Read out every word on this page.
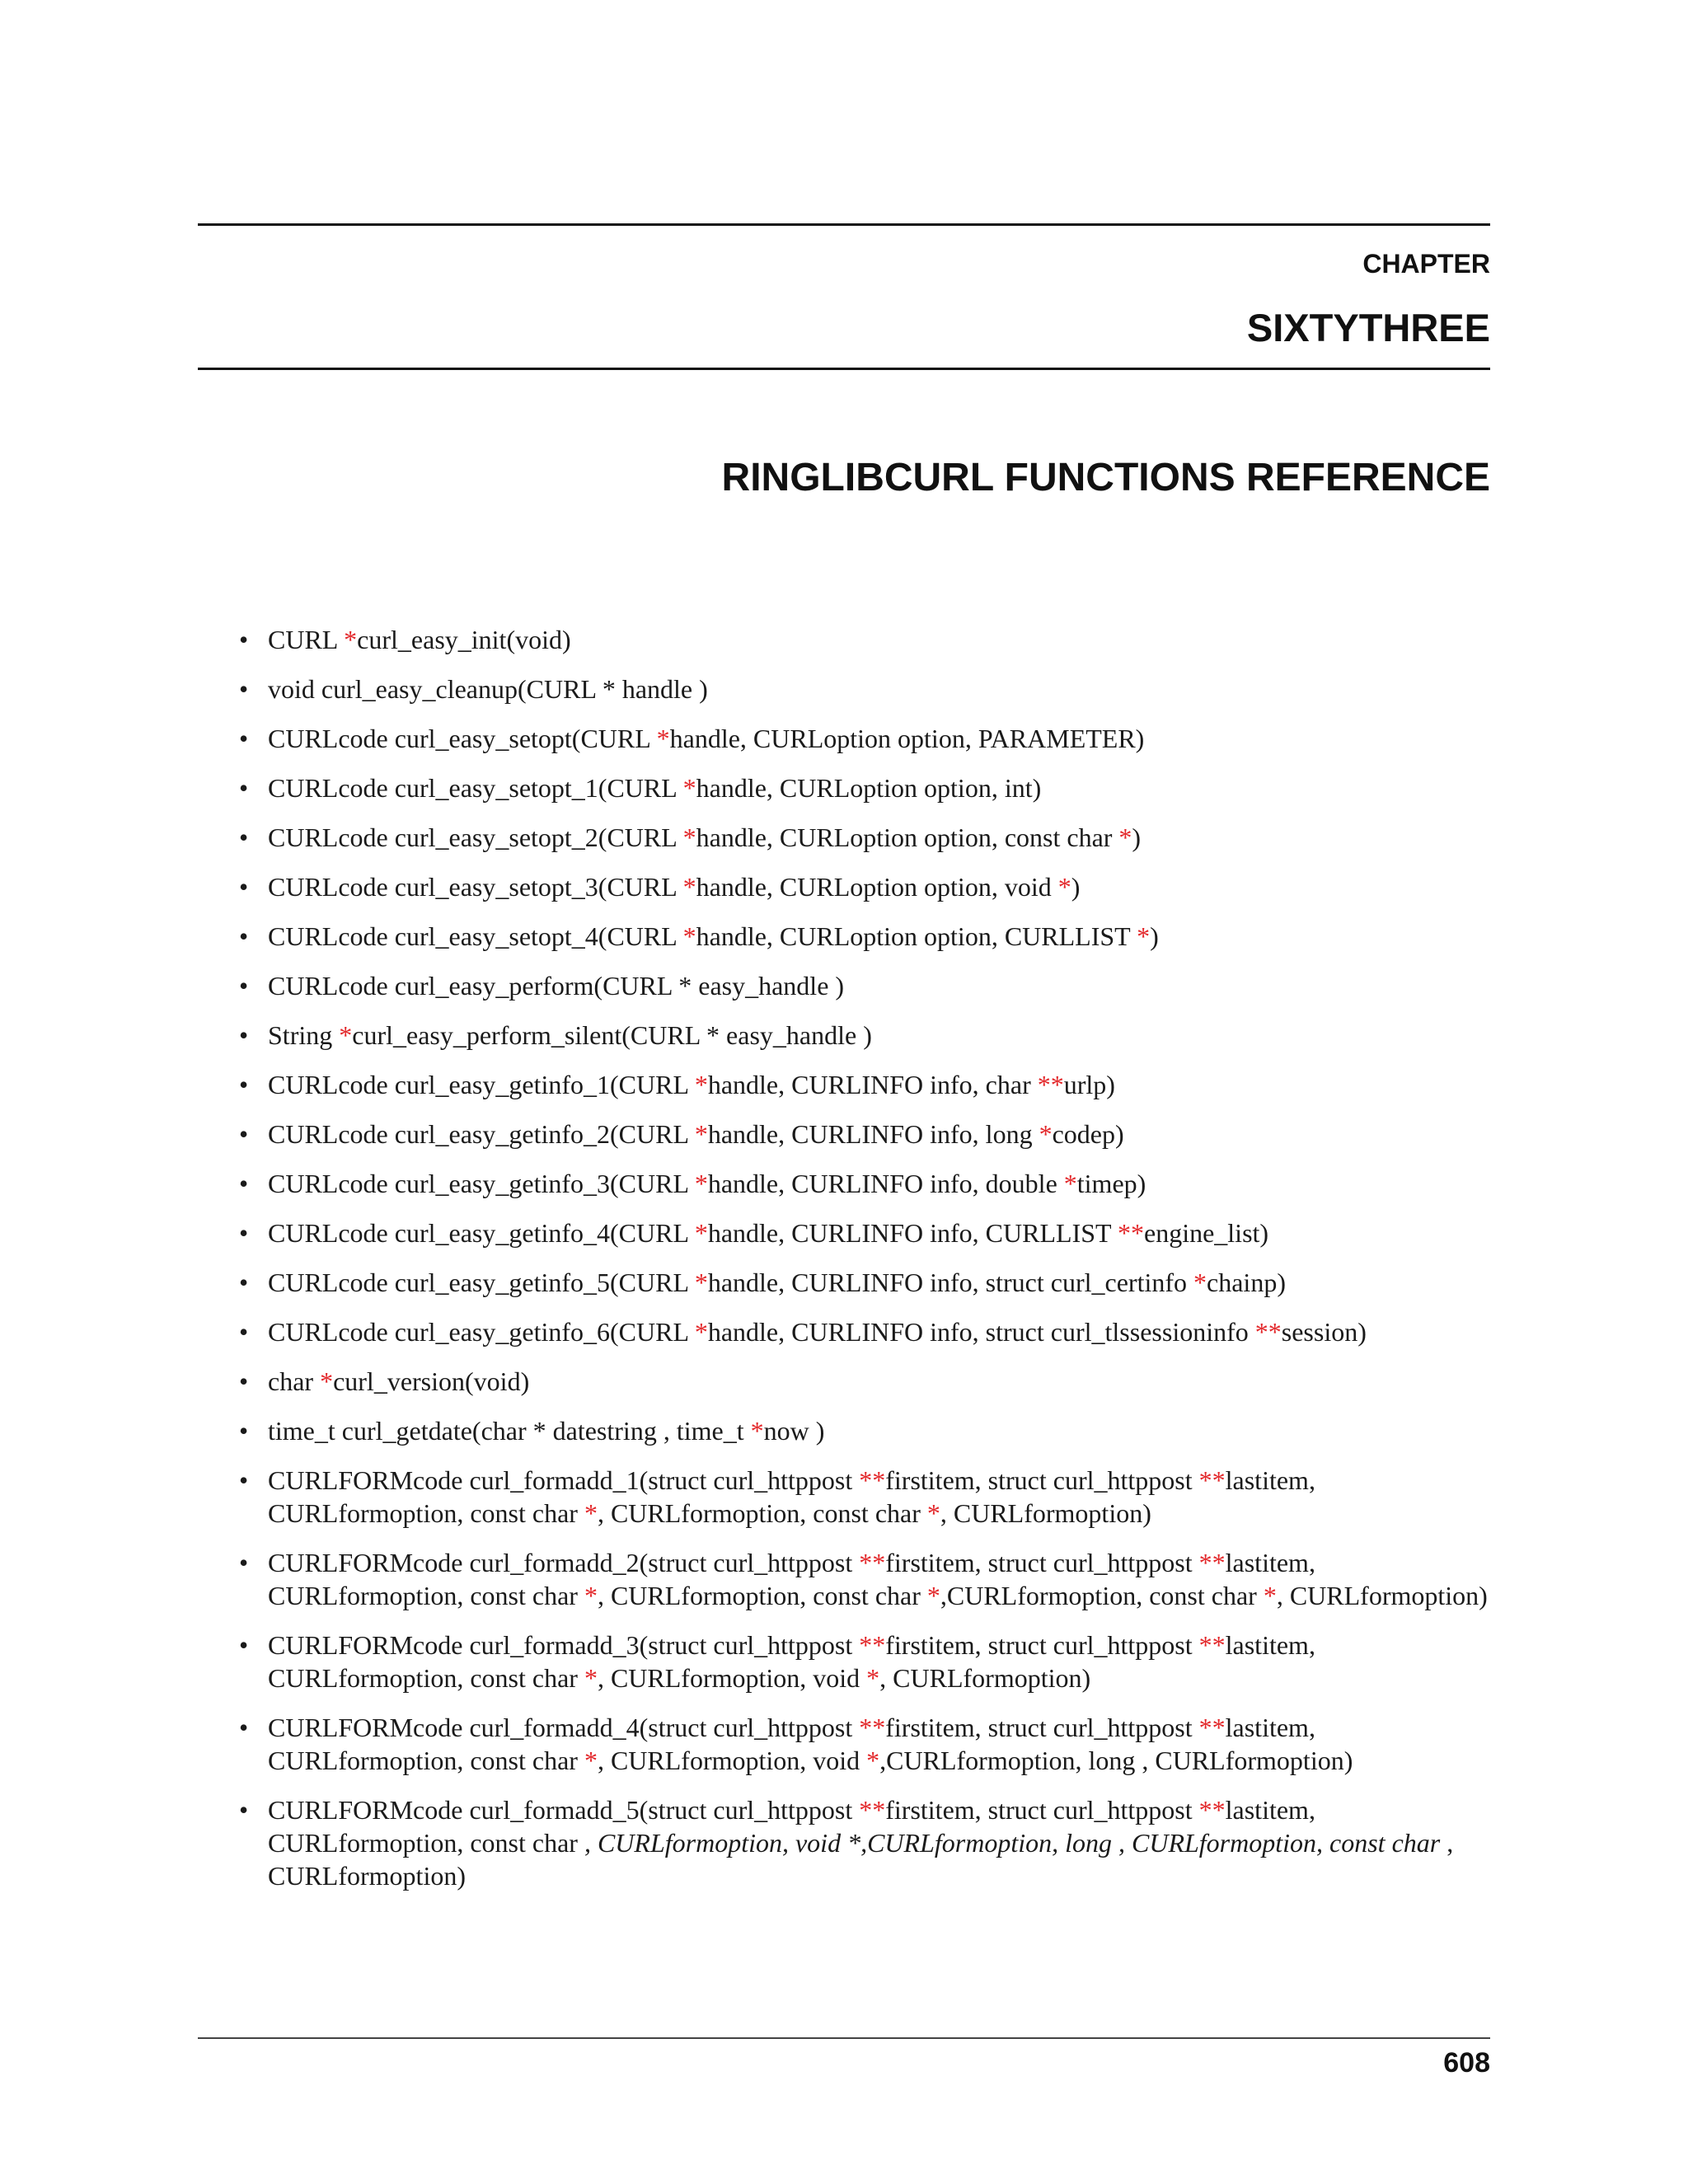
CHAPTER
SIXTYTHREE
RINGLIBCURL FUNCTIONS REFERENCE
• CURL *curl_easy_init(void)
• void curl_easy_cleanup(CURL * handle )
• CURLcode curl_easy_setopt(CURL *handle, CURLoption option, PARAMETER)
• CURLcode curl_easy_setopt_1(CURL *handle, CURLoption option, int)
• CURLcode curl_easy_setopt_2(CURL *handle, CURLoption option, const char *)
• CURLcode curl_easy_setopt_3(CURL *handle, CURLoption option, void *)
• CURLcode curl_easy_setopt_4(CURL *handle, CURLoption option, CURLLIST *)
• CURLcode curl_easy_perform(CURL * easy_handle )
• String *curl_easy_perform_silent(CURL * easy_handle )
• CURLcode curl_easy_getinfo_1(CURL *handle, CURLINFO info, char **urlp)
• CURLcode curl_easy_getinfo_2(CURL *handle, CURLINFO info, long *codep)
• CURLcode curl_easy_getinfo_3(CURL *handle, CURLINFO info, double *timep)
• CURLcode curl_easy_getinfo_4(CURL *handle, CURLINFO info, CURLLIST **engine_list)
• CURLcode curl_easy_getinfo_5(CURL *handle, CURLINFO info, struct curl_certinfo *chainp)
• CURLcode curl_easy_getinfo_6(CURL *handle, CURLINFO info, struct curl_tlssessioninfo **session)
• char *curl_version(void)
• time_t curl_getdate(char * datestring , time_t *now )
• CURLFORMcode curl_formadd_1(struct curl_httppost **firstitem, struct curl_httppost **lastitem, CURLformoption, const char *, CURLformoption, const char *, CURLformoption)
• CURLFORMcode curl_formadd_2(struct curl_httppost **firstitem, struct curl_httppost **lastitem, CURLformoption, const char *, CURLformoption, const char *,CURLformoption, const char *, CURLformoption)
• CURLFORMcode curl_formadd_3(struct curl_httppost **firstitem, struct curl_httppost **lastitem, CURLformoption, const char *, CURLformoption, void *, CURLformoption)
• CURLFORMcode curl_formadd_4(struct curl_httppost **firstitem, struct curl_httppost **lastitem, CURLformoption, const char *, CURLformoption, void *,CURLformoption, long , CURLformoption)
• CURLFORMcode curl_formadd_5(struct curl_httppost **firstitem, struct curl_httppost **lastitem, CURLformoption, const char , CURLformoption, void *,CURLformoption, long , CURLformoption, const char , CURLformoption)
608
